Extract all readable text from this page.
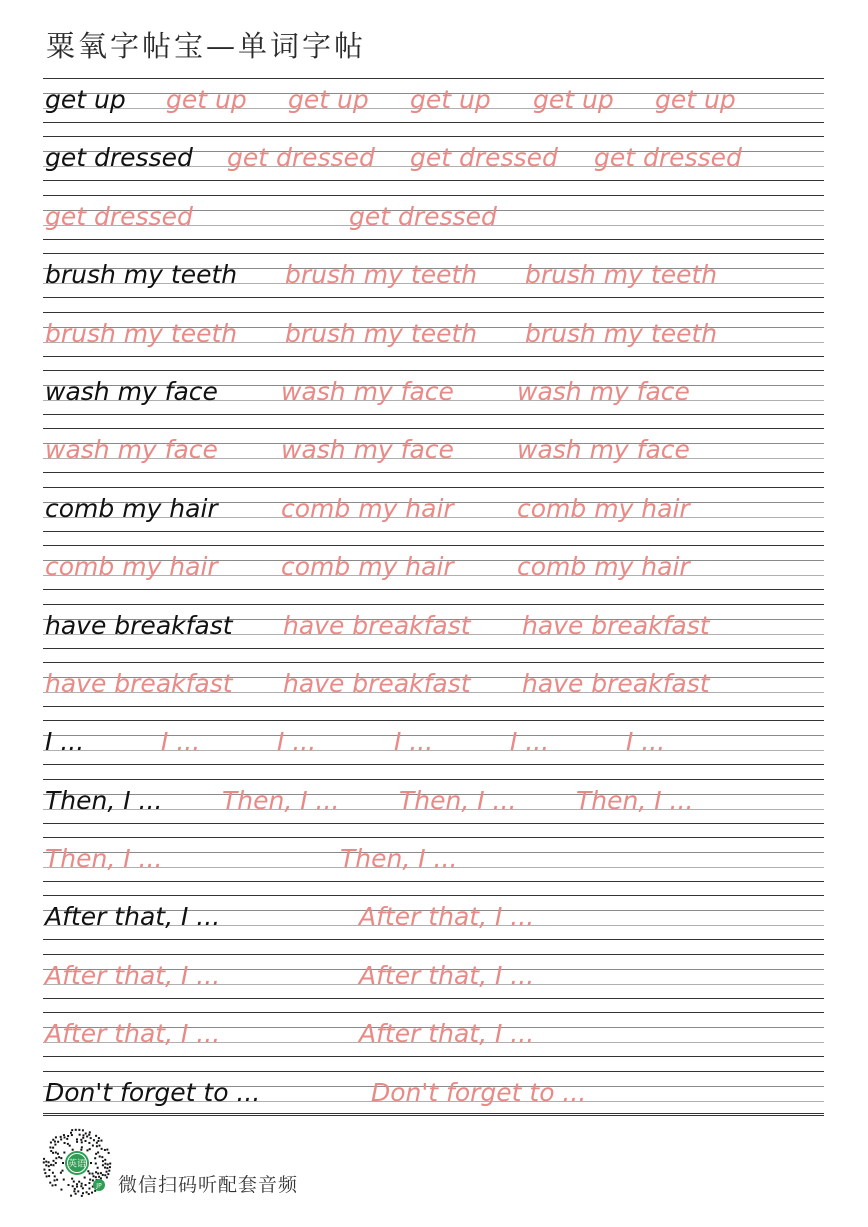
粟氧字帖宝—单词字帖
get up get up get up get up get up get up
get dressed get dressed get dressed get dressed
get dressed	get dressed
brush my teeth brush my teeth brush my teeth
brush my teeth brush my teeth brush my teeth
wash my face	wash my face	wash my face
wash my face	wash my face	wash my face
comb my hair	comb my hair	comb my hair
comb my hair	comb my hair	comb my hair
have breakfast have breakfast have breakfast
have breakfast have breakfast have breakfast
I ...	I ...	I ...	I ...	I ...	I ...
Then, I ... Then, I ... Then, I ... Then, I ...
Then, I ...	Then, I ...
After that, I ...	After that, I ...
After that, I ...	After that, I ...
After that, I ...	After that, I ...
Don't forget to ...	Don't forget to ...
英语
JP 微信扫码听配套音频
